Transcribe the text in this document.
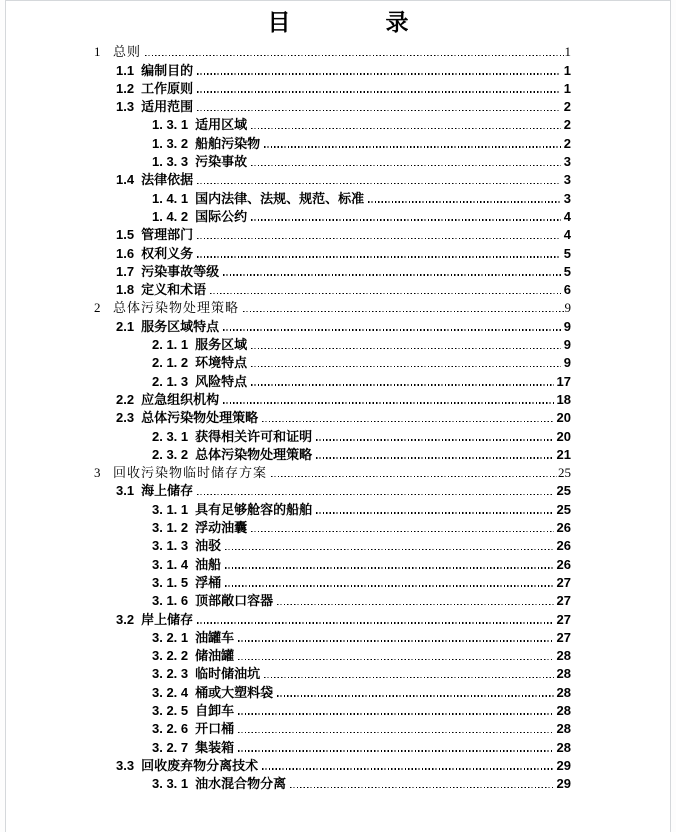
目	录
1 总则	1
1.1 编制目的	1
1.2 工作原则	1
1.3 适用范围	2
1. 3. 1 适用区域	2
1. 3. 2 船舶污染物	2
1. 3. 3 污染事故	3
1.4 法律依据	3
1. 4. 1 国内法律、法规、规范、标准	3
1. 4. 2 国际公约	4
1.5 管理部门	4
1.6 权利义务	5
1.7 污染事故等级	5
1.8 定义和术语	6
2 总体污染物处理策略	9
2.1 服务区域特点	9
2. 1. 1 服务区域	9
2. 1. 2 环境特点	9
2. 1. 3 风险特点	17
2.2 应急组织机构	18
2.3 总体污染物处理策略	20
2. 3. 1 获得相关许可和证明	20
2. 3. 2 总体污染物处理策略	21
3 回收污染物临时储存方案	25
3.1 海上储存	25
3. 1. 1 具有足够舱容的船舶	25
3. 1. 2 浮动油囊	26
3. 1. 3 油驳	26
3. 1. 4 油船	26
3. 1. 5 浮桶	27
3. 1. 6 顶部敞口容器	27
3.2 岸上储存	27
3. 2. 1 油罐车	27
3. 2. 2 储油罐	28
3. 2. 3 临时储油坑	28
3. 2. 4 桶或大塑料袋	28
3. 2. 5 自卸车	28
3. 2. 6 开口桶	28
3. 2. 7 集装箱	28
3.3 回收废弃物分离技术	29
3. 3. 1 油水混合物分离	29
